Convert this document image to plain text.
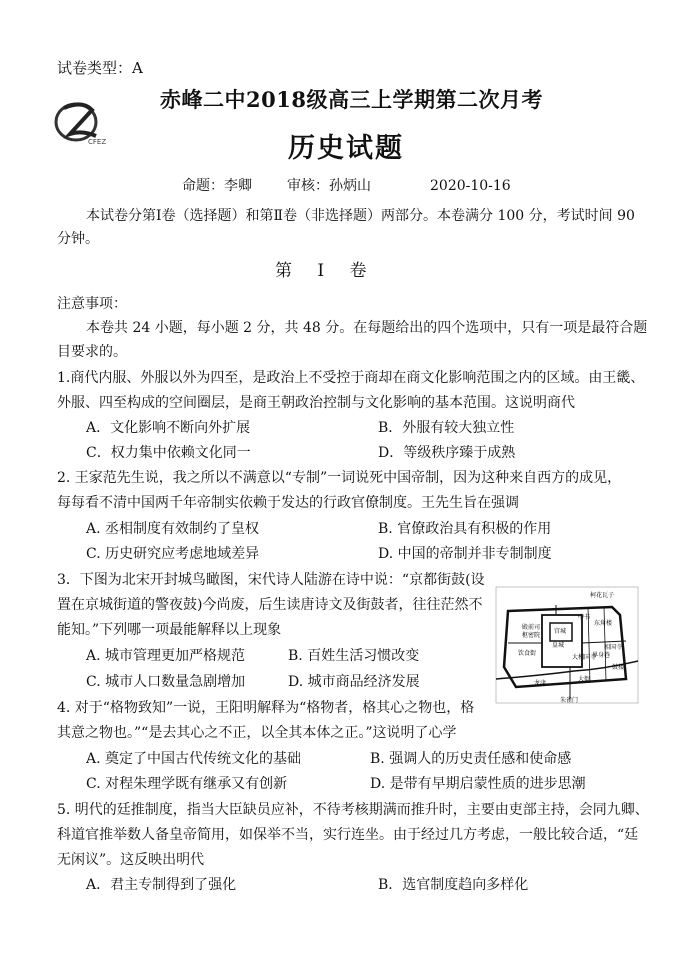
试卷类型：A
CFEZ
赤峰二中2018级高三上学期第二次月考
历史试题
命题：李卿	审核：孙炳山	2020-10-16
本试卷分第Ⅰ卷（选择题）和第Ⅱ卷（非选择题）两部分。本卷满分 100 分，考试时间 90
分钟。
第 Ⅰ 卷
注意事项：
本卷共 24 小题，每小题 2 分，共 48 分。在每题给出的四个选项中，只有一项是最符合题
目要求的。
1.商代内服、外服以外为四至，是政治上不受控于商却在商文化影响范围之内的区域。由王畿、
外服、四至构成的空间圈层，是商王朝政治控制与文化影响的基本范围。这说明商代
A．文化影响不断向外扩展	B．外服有较大独立性
C．权力集中依赖文化同一	D．等级秩序臻于成熟
2. 王家范先生说，我之所以不满意以“专制”一词说死中国帝制，因为这种来自西方的成见，
每每看不清中国两千年帝制实依赖于发达的行政官僚制度。王先生旨在强调
A. 丞相制度有效制约了皇权	B. 官僚政治具有积极的作用
C. 历史研究应考虑地域差异	D. 中国的帝制并非专制制度
3．下图为北宋开封城鸟瞰图，宋代诗人陆游在诗中说：“京都街鼓(设
置在京城街道的警夜鼓)今尚废，后生读唐诗文及街鼓者，往往茫然不
能知。”下列哪一项最能解释以上现象
A. 城市管理更加严格规范	B. 百姓生活习惯改变
C. 城市人口数量急剧增加	D. 城市商品经济发展
柯花瓦子
宫城
皇城
殿前司
枢密院
中书
东角楼
相国寺
界身巷
鼓楼
饮食街
大相国寺
大街
龙津
朱雀门
4. 对于“格物致知”一说，王阳明解释为“格物者，格其心之物也，格
其意之物也。”“是去其心之不正，以全其本体之正。”这说明了心学
A. 奠定了中国古代传统文化的基础	B. 强调人的历史责任感和使命感
C. 对程朱理学既有继承又有创新	D. 是带有早期启蒙性质的进步思潮
5. 明代的廷推制度，指当大臣缺员应补，不待考核期满而推升时，主要由吏部主持，会同九卿、
科道官推举数人备皇帝简用，如保举不当，实行连坐。由于经过几方考虑，一般比较合适，“廷
无闲议”。这反映出明代
A．君主专制得到了强化	B．选官制度趋向多样化
